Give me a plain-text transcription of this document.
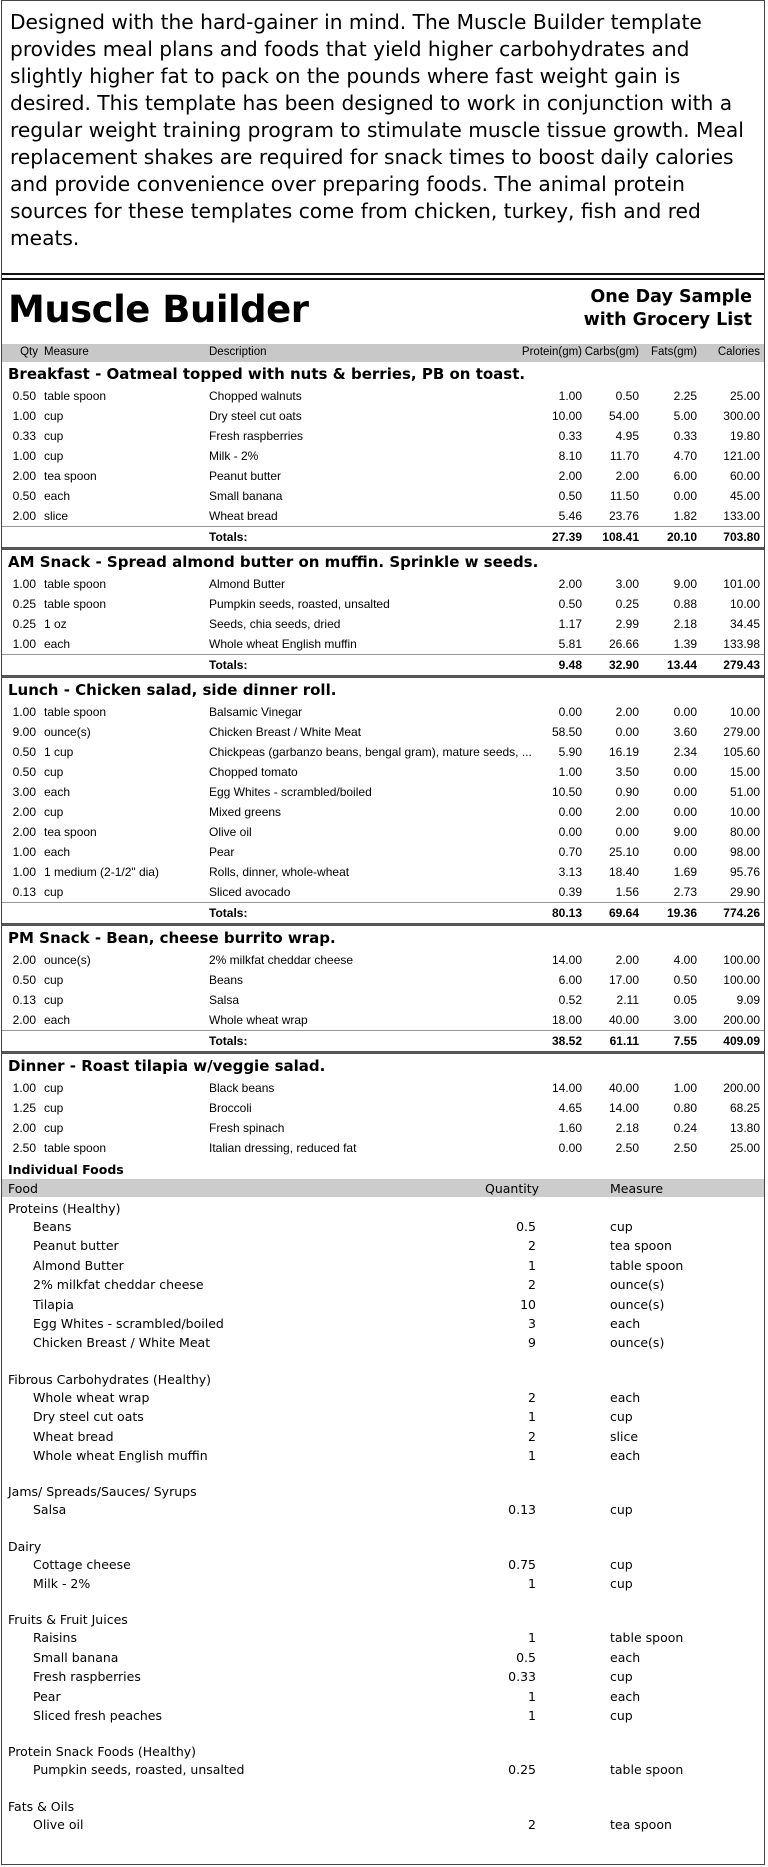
Designed with the hard-gainer in mind. The Muscle Builder template provides meal plans and foods that yield higher carbohydrates and slightly higher fat to pack on the pounds where fast weight gain is desired. This template has been designed to work in conjunction with a regular weight training program to stimulate muscle tissue growth. Meal replacement shakes are required for snack times to boost daily calories and provide convenience over preparing foods. The animal protein sources for these templates come from chicken, turkey, fish and red meats.
Muscle Builder	One Day Sample
with Grocery List
Qty Measure	Description	Protein(gm) Carbs(gm) Fats(gm) Calories
Breakfast - Oatmeal topped with nuts & berries, PB on toast.
0.50 table spoon	Chopped walnuts	1.00	0.50	2.25	25.00
1.00 cup	Dry steel cut oats	10.00 54.00	5.00 300.00
0.33 cup	Fresh raspberries	0.33	4.95	0.33	19.80
1.00 cup	Milk - 2%	8.10 11.70	4.70 121.00
2.00 tea spoon	Peanut butter	2.00	2.00	6.00	60.00
0.50 each	Small banana	0.50 11.50	0.00	45.00
2.00 slice	Wheat bread	5.46 23.76	1.82 133.00
Totals:	27.39 108.41 20.10 703.80
AM Snack - Spread almond butter on muffin. Sprinkle w seeds.
1.00 table spoon	Almond Butter	2.00	3.00	9.00 101.00
0.25 table spoon	Pumpkin seeds, roasted, unsalted	0.50	0.25	0.88	10.00
0.25 1 oz	Seeds, chia seeds, dried	1.17	2.99	2.18	34.45
1.00 each	Whole wheat English muffin	5.81 26.66	1.39 133.98
Totals:	9.48 32.90 13.44 279.43
Lunch - Chicken salad, side dinner roll.
1.00 table spoon	Balsamic Vinegar	0.00	2.00	0.00	10.00
9.00 ounce(s)	Chicken Breast / White Meat	58.50	0.00	3.60 279.00
0.50 1 cup	Chickpeas (garbanzo beans, bengal gram), mature seeds, ... 5.90 16.19	2.34 105.60
0.50 cup	Chopped tomato	1.00	3.50	0.00	15.00
3.00 each	Egg Whites - scrambled/boiled	10.50	0.90	0.00	51.00
2.00 cup	Mixed greens	0.00	2.00	0.00	10.00
2.00 tea spoon	Olive oil	0.00	0.00	9.00	80.00
1.00 each	Pear	0.70 25.10	0.00	98.00
1.00 1 medium (2-1/2" dia)	Rolls, dinner, whole-wheat	3.13 18.40	1.69	95.76
0.13 cup	Sliced avocado	0.39	1.56	2.73	29.90
Totals:	80.13 69.64 19.36 774.26
PM Snack - Bean, cheese burrito wrap.
2.00 ounce(s)	2% milkfat cheddar cheese	14.00	2.00	4.00 100.00
0.50 cup	Beans	6.00 17.00	0.50 100.00
0.13 cup	Salsa	0.52	2.11	0.05	9.09
2.00 each	Whole wheat wrap	18.00 40.00	3.00 200.00
Totals:	38.52 61.11	7.55 409.09
Dinner - Roast tilapia w/veggie salad.
1.00 cup	Black beans	14.00 40.00	1.00 200.00
1.25 cup	Broccoli	4.65 14.00	0.80	68.25
2.00 cup	Fresh spinach	1.60	2.18	0.24	13.80
2.50 table spoon	Italian dressing, reduced fat	0.00	2.50	2.50	25.00
Individual Foods
Food	Quantity	Measure
Proteins (Healthy)
Beans	0.5	cup
Peanut butter	2	tea spoon
Almond Butter	1	table spoon
2% milkfat cheddar cheese	2	ounce(s)
Tilapia	10	ounce(s)
Egg Whites - scrambled/boiled	3	each
Chicken Breast / White Meat	9	ounce(s)
Fibrous Carbohydrates (Healthy)
Whole wheat wrap	2	each
Dry steel cut oats	1	cup
Wheat bread	2	slice
Whole wheat English muffin	1	each
Jams/ Spreads/Sauces/ Syrups
Salsa	0.13	cup
Dairy
Cottage cheese	0.75	cup
Milk - 2%	1	cup
Fruits & Fruit Juices
Raisins	1	table spoon
Small banana	0.5	each
Fresh raspberries	0.33	cup
Pear	1	each
Sliced fresh peaches	1	cup
Protein Snack Foods (Healthy)
Pumpkin seeds, roasted, unsalted	0.25	table spoon
Fats & Oils
Olive oil	2	tea spoon
